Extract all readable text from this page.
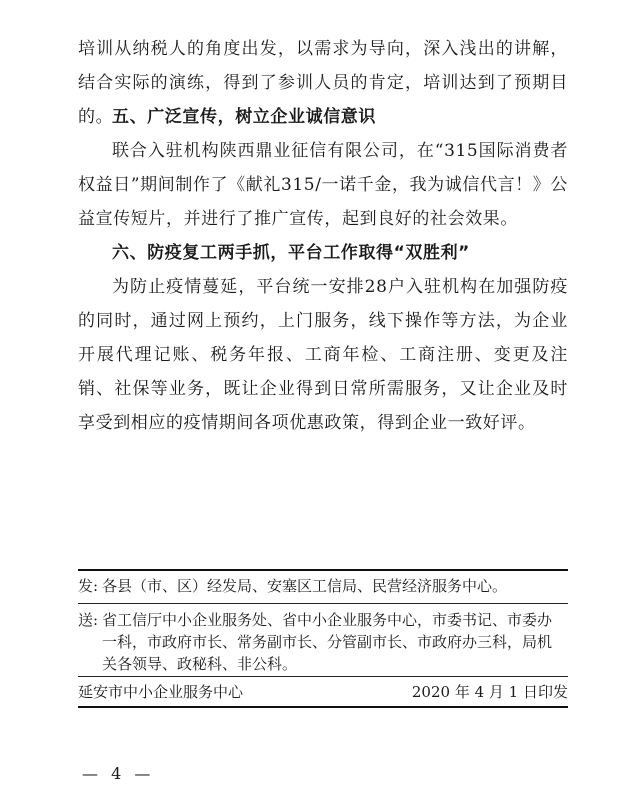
培训从纳税人的角度出发，以需求为导向，深入浅出的讲解，结合实际的演练，得到了参训人员的肯定，培训达到了预期目的。
五、广泛宣传，树立企业诚信意识
联合入驻机构陕西鼎业征信有限公司，在“315国际消费者权益日”期间制作了《献礼315/一诺千金，我为诚信代言！》公益宣传短片，并进行了推广宣传，起到良好的社会效果。
六、防疫复工两手抓，平台工作取得“双胜利”
为防止疫情蔓延，平台统一安排28户入驻机构在加强防疫的同时，通过网上预约，上门服务，线下操作等方法，为企业开展代理记账、税务年报、工商年检、工商注册、变更及注销、社保等业务，既让企业得到日常所需服务，又让企业及时享受到相应的疫情期间各项优惠政策，得到企业一致好评。
发: 各县（市、区）经发局、安塞区工信局、民营经济服务中心。
送: 省工信厅中小企业服务处、省中小企业服务中心，市委书记、市委办一科，市政府市长、常务副市长、分管副市长、市政府办三科，局机关各领导、政秘科、非公科。
延安市中小企业服务中心	2020 年 4 月 1 日印发
— 4 —
